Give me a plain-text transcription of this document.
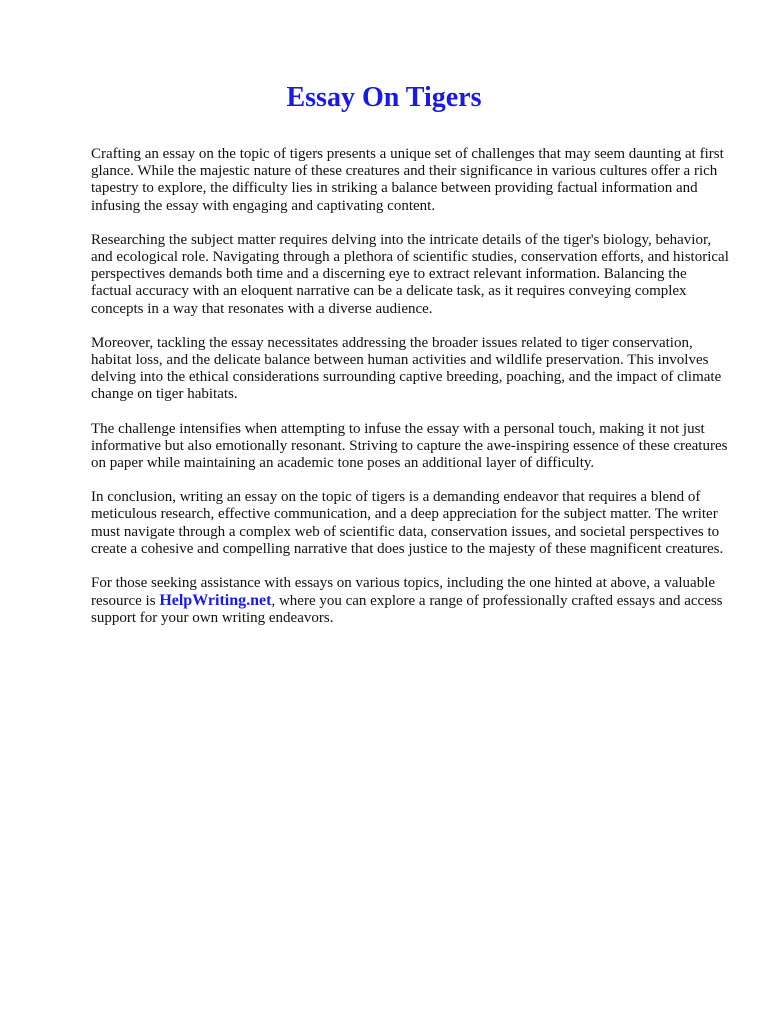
Essay On Tigers

Crafting an essay on the topic of tigers presents a unique set of challenges that may seem daunting at first glance. While the majestic nature of these creatures and their significance in various cultures offer a rich tapestry to explore, the difficulty lies in striking a balance between providing factual information and infusing the essay with engaging and captivating content.

Researching the subject matter requires delving into the intricate details of the tiger's biology, behavior, and ecological role. Navigating through a plethora of scientific studies, conservation efforts, and historical perspectives demands both time and a discerning eye to extract relevant information. Balancing the factual accuracy with an eloquent narrative can be a delicate task, as it requires conveying complex concepts in a way that resonates with a diverse audience.

Moreover, tackling the essay necessitates addressing the broader issues related to tiger conservation, habitat loss, and the delicate balance between human activities and wildlife preservation. This involves delving into the ethical considerations surrounding captive breeding, poaching, and the impact of climate change on tiger habitats.

The challenge intensifies when attempting to infuse the essay with a personal touch, making it not just informative but also emotionally resonant. Striving to capture the awe-inspiring essence of these creatures on paper while maintaining an academic tone poses an additional layer of difficulty.

In conclusion, writing an essay on the topic of tigers is a demanding endeavor that requires a blend of meticulous research, effective communication, and a deep appreciation for the subject matter. The writer must navigate through a complex web of scientific data, conservation issues, and societal perspectives to create a cohesive and compelling narrative that does justice to the majesty of these magnificent creatures.

For those seeking assistance with essays on various topics, including the one hinted at above, a valuable resource is HelpWriting.net, where you can explore a range of professionally crafted essays and access support for your own writing endeavors.
